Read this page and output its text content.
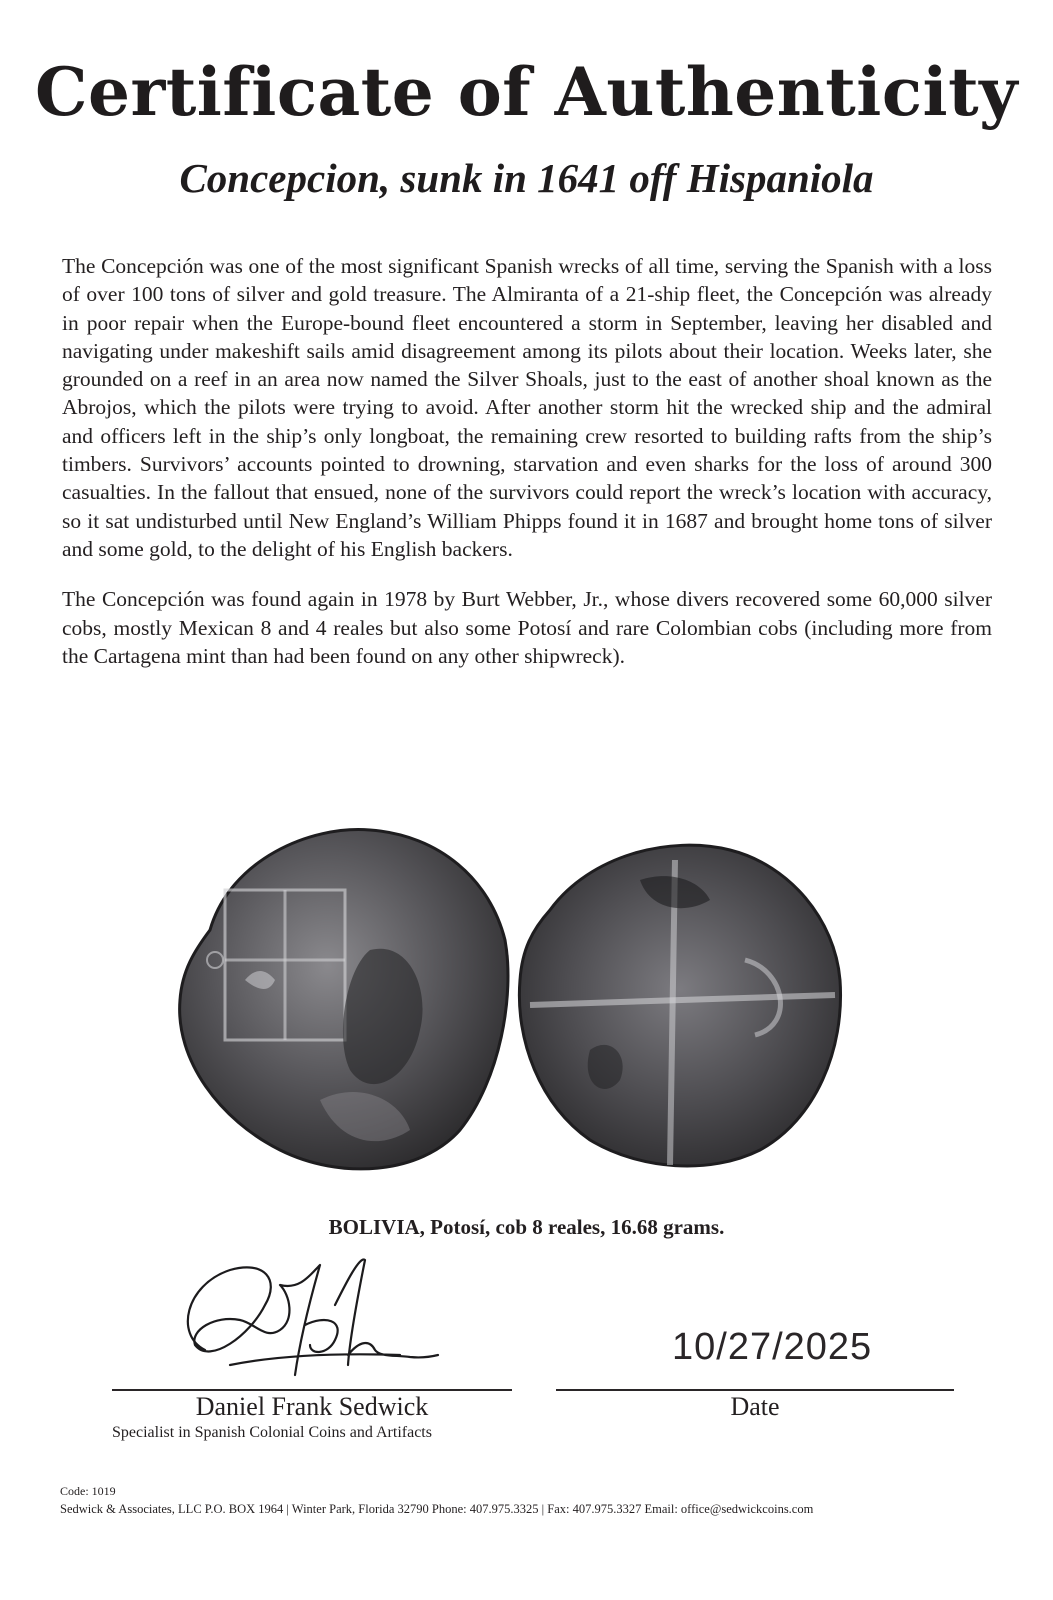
Certificate of Authenticity
Concepcion, sunk in 1641 off Hispaniola

The Concepción was one of the most significant Spanish wrecks of all time, serving the Spanish with a loss of over 100 tons of silver and gold treasure. The Almiranta of a 21-ship fleet, the Concepción was already in poor repair when the Europe-bound fleet encountered a storm in September, leaving her disabled and navigating under makeshift sails amid disagreement among its pilots about their location. Weeks later, she grounded on a reef in an area now named the Silver Shoals, just to the east of another shoal known as the Abrojos, which the pilots were trying to avoid. After another storm hit the wrecked ship and the admiral and officers left in the ship’s only longboat, the remaining crew resorted to building rafts from the ship’s timbers. Survivors’ accounts pointed to drowning, starvation and even sharks for the loss of around 300 casualties. In the fallout that ensued, none of the survivors could report the wreck’s location with accuracy, so it sat undisturbed until New England’s William Phipps found it in 1687 and brought home tons of silver and some gold, to the delight of his English backers.

The Concepción was found again in 1978 by Burt Webber, Jr., whose divers recovered some 60,000 silver cobs, mostly Mexican 8 and 4 reales but also some Potosí and rare Colombian cobs (including more from the Cartagena mint than had been found on any other shipwreck).

BOLIVIA, Potosí, cob 8 reales, 16.68 grams.
10/27/2025
Daniel Frank Sedwick	Date
Specialist in Spanish Colonial Coins and Artifacts
Code: 1019
Sedwick & Associates, LLC P.O. BOX 1964 | Winter Park, Florida 32790 Phone: 407.975.3325 | Fax: 407.975.3327 Email: office@sedwickcoins.com
